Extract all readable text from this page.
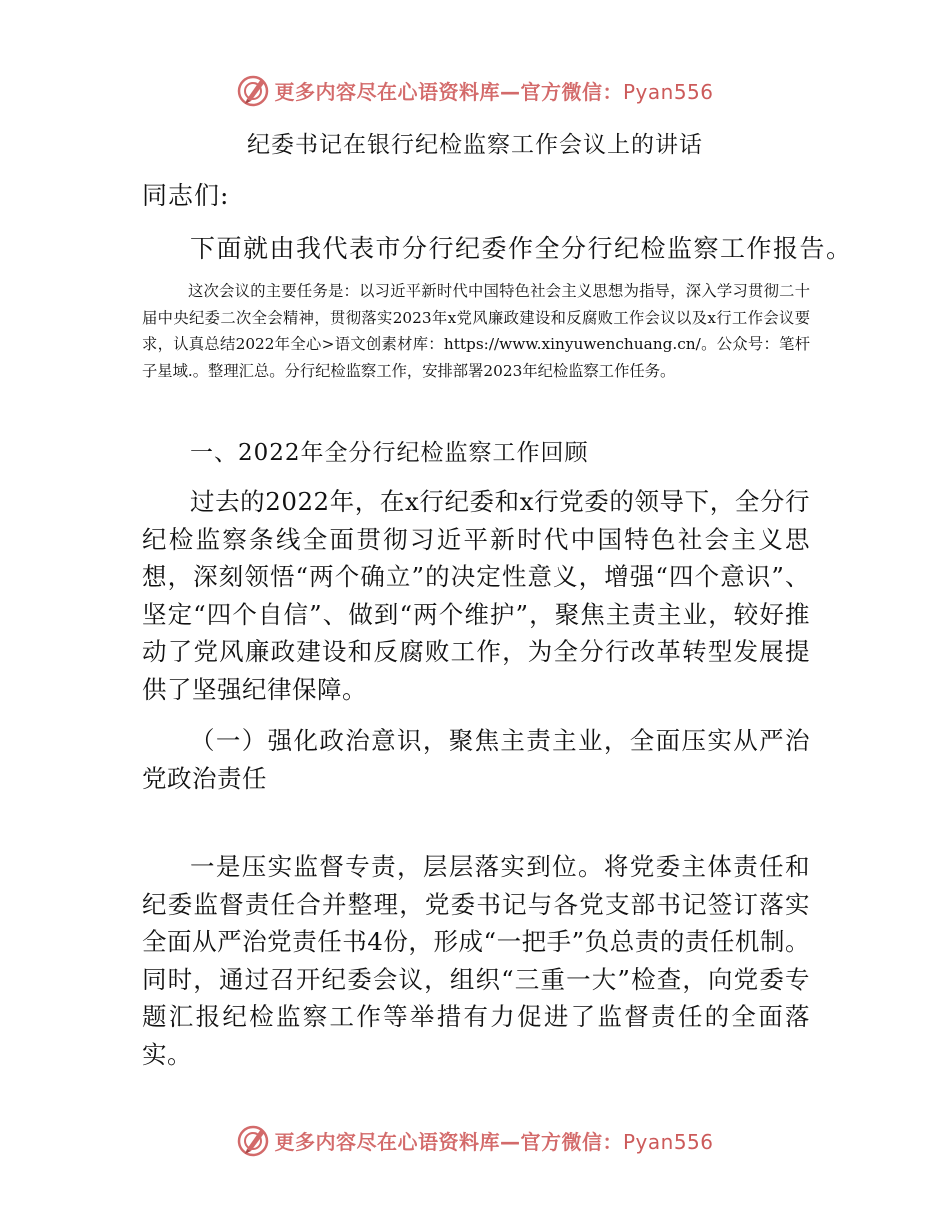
更多内容尽在心语资料库—官方微信：Pyan556
纪委书记在银行纪检监察工作会议上的讲话
同志们:
下面就由我代表市分行纪委作全分行纪检监察工作报告。
这次会议的主要任务是：以习近平新时代中国特色社会主义思想为指导，深入学习贯彻二十届中央纪委二次全会精神，贯彻落实2023年x党风廉政建设和反腐败工作会议以及x行工作会议要求，认真总结2022年全心>语文创素材库：https://www.xinyuwenchuang.cn/。公众号：笔杆子星域.。整理汇总。分行纪检监察工作，安排部署2023年纪检监察工作任务。
一、2022年全分行纪检监察工作回顾
过去的2022年，在x行纪委和x行党委的领导下，全分行纪检监察条线全面贯彻习近平新时代中国特色社会主义思想，深刻领悟“两个确立”的决定性意义，增强“四个意识”、坚定“四个自信”、做到“两个维护”，聚焦主责主业，较好推动了党风廉政建设和反腐败工作，为全分行改革转型发展提供了坚强纪律保障。
（一）强化政治意识，聚焦主责主业，全面压实从严治党政治责任
一是压实监督专责，层层落实到位。将党委主体责任和纪委监督责任合并整理，党委书记与各党支部书记签订落实全面从严治党责任书4份，形成“一把手”负总责的责任机制。同时，通过召开纪委会议，组织“三重一大”检查，向党委专题汇报纪检监察工作等举措有力促进了监督责任的全面落实。
更多内容尽在心语资料库—官方微信：Pyan556
